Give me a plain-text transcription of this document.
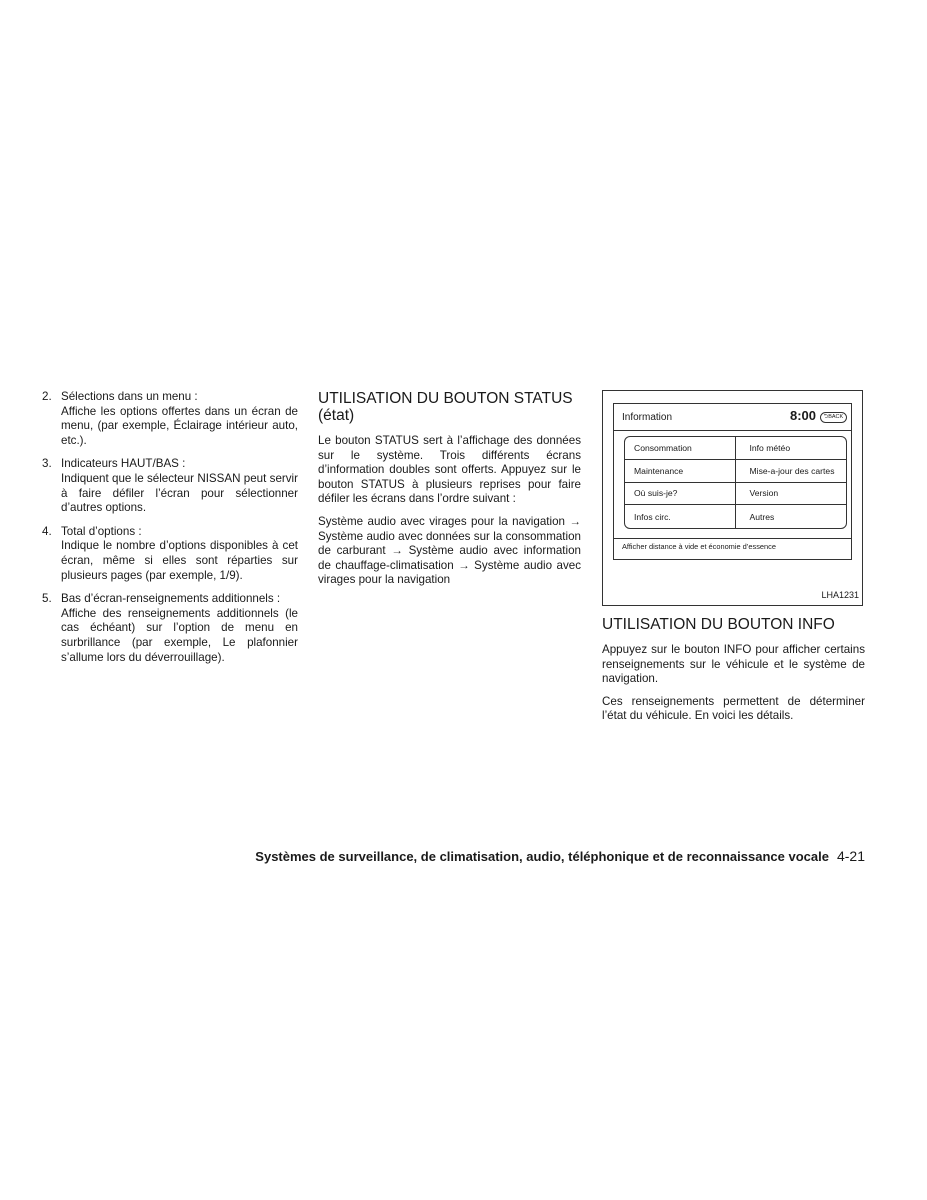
2. Sélections dans un menu :
Affiche les options offertes dans un écran de menu, (par exemple, Éclairage intérieur auto, etc.).
3. Indicateurs HAUT/BAS :
Indiquent que le sélecteur NISSAN peut servir à faire défiler l’écran pour sélectionner d’autres options.
4. Total d’options :
Indique le nombre d’options disponibles à cet écran, même si elles sont réparties sur plusieurs pages (par exemple, 1/9).
5. Bas d’écran-renseignements additionnels :
Affiche des renseignements additionnels (le cas échéant) sur l’option de menu en surbrillance (par exemple, Le plafonnier s’allume lors du déverrouillage).
UTILISATION DU BOUTON STATUS (état)

Le bouton STATUS sert à l’affichage des données sur le système. Trois différents écrans d’information doubles sont offerts. Appuyez sur le bouton STATUS à plusieurs reprises pour faire défiler les écrans dans l’ordre suivant :

Système audio avec virages pour la navigation → Système audio avec données sur la consommation de carburant → Système audio avec information de chauffage-climatisation → Système audio avec virages pour la navigation

Information	8:00	⮌BACK
Consommation	Info météo
Maintenance	Mise-a-jour des cartes
Où suis-je?	Version
Infos circ.	Autres
Afficher distance à vide et économie d’essence
LHA1231
UTILISATION DU BOUTON INFO

Appuyez sur le bouton INFO pour afficher certains renseignements sur le véhicule et le système de navigation.

Ces renseignements permettent de déterminer l’état du véhicule. En voici les détails.

Systèmes de surveillance, de climatisation, audio, téléphonique et de reconnaissance vocale 4-21
